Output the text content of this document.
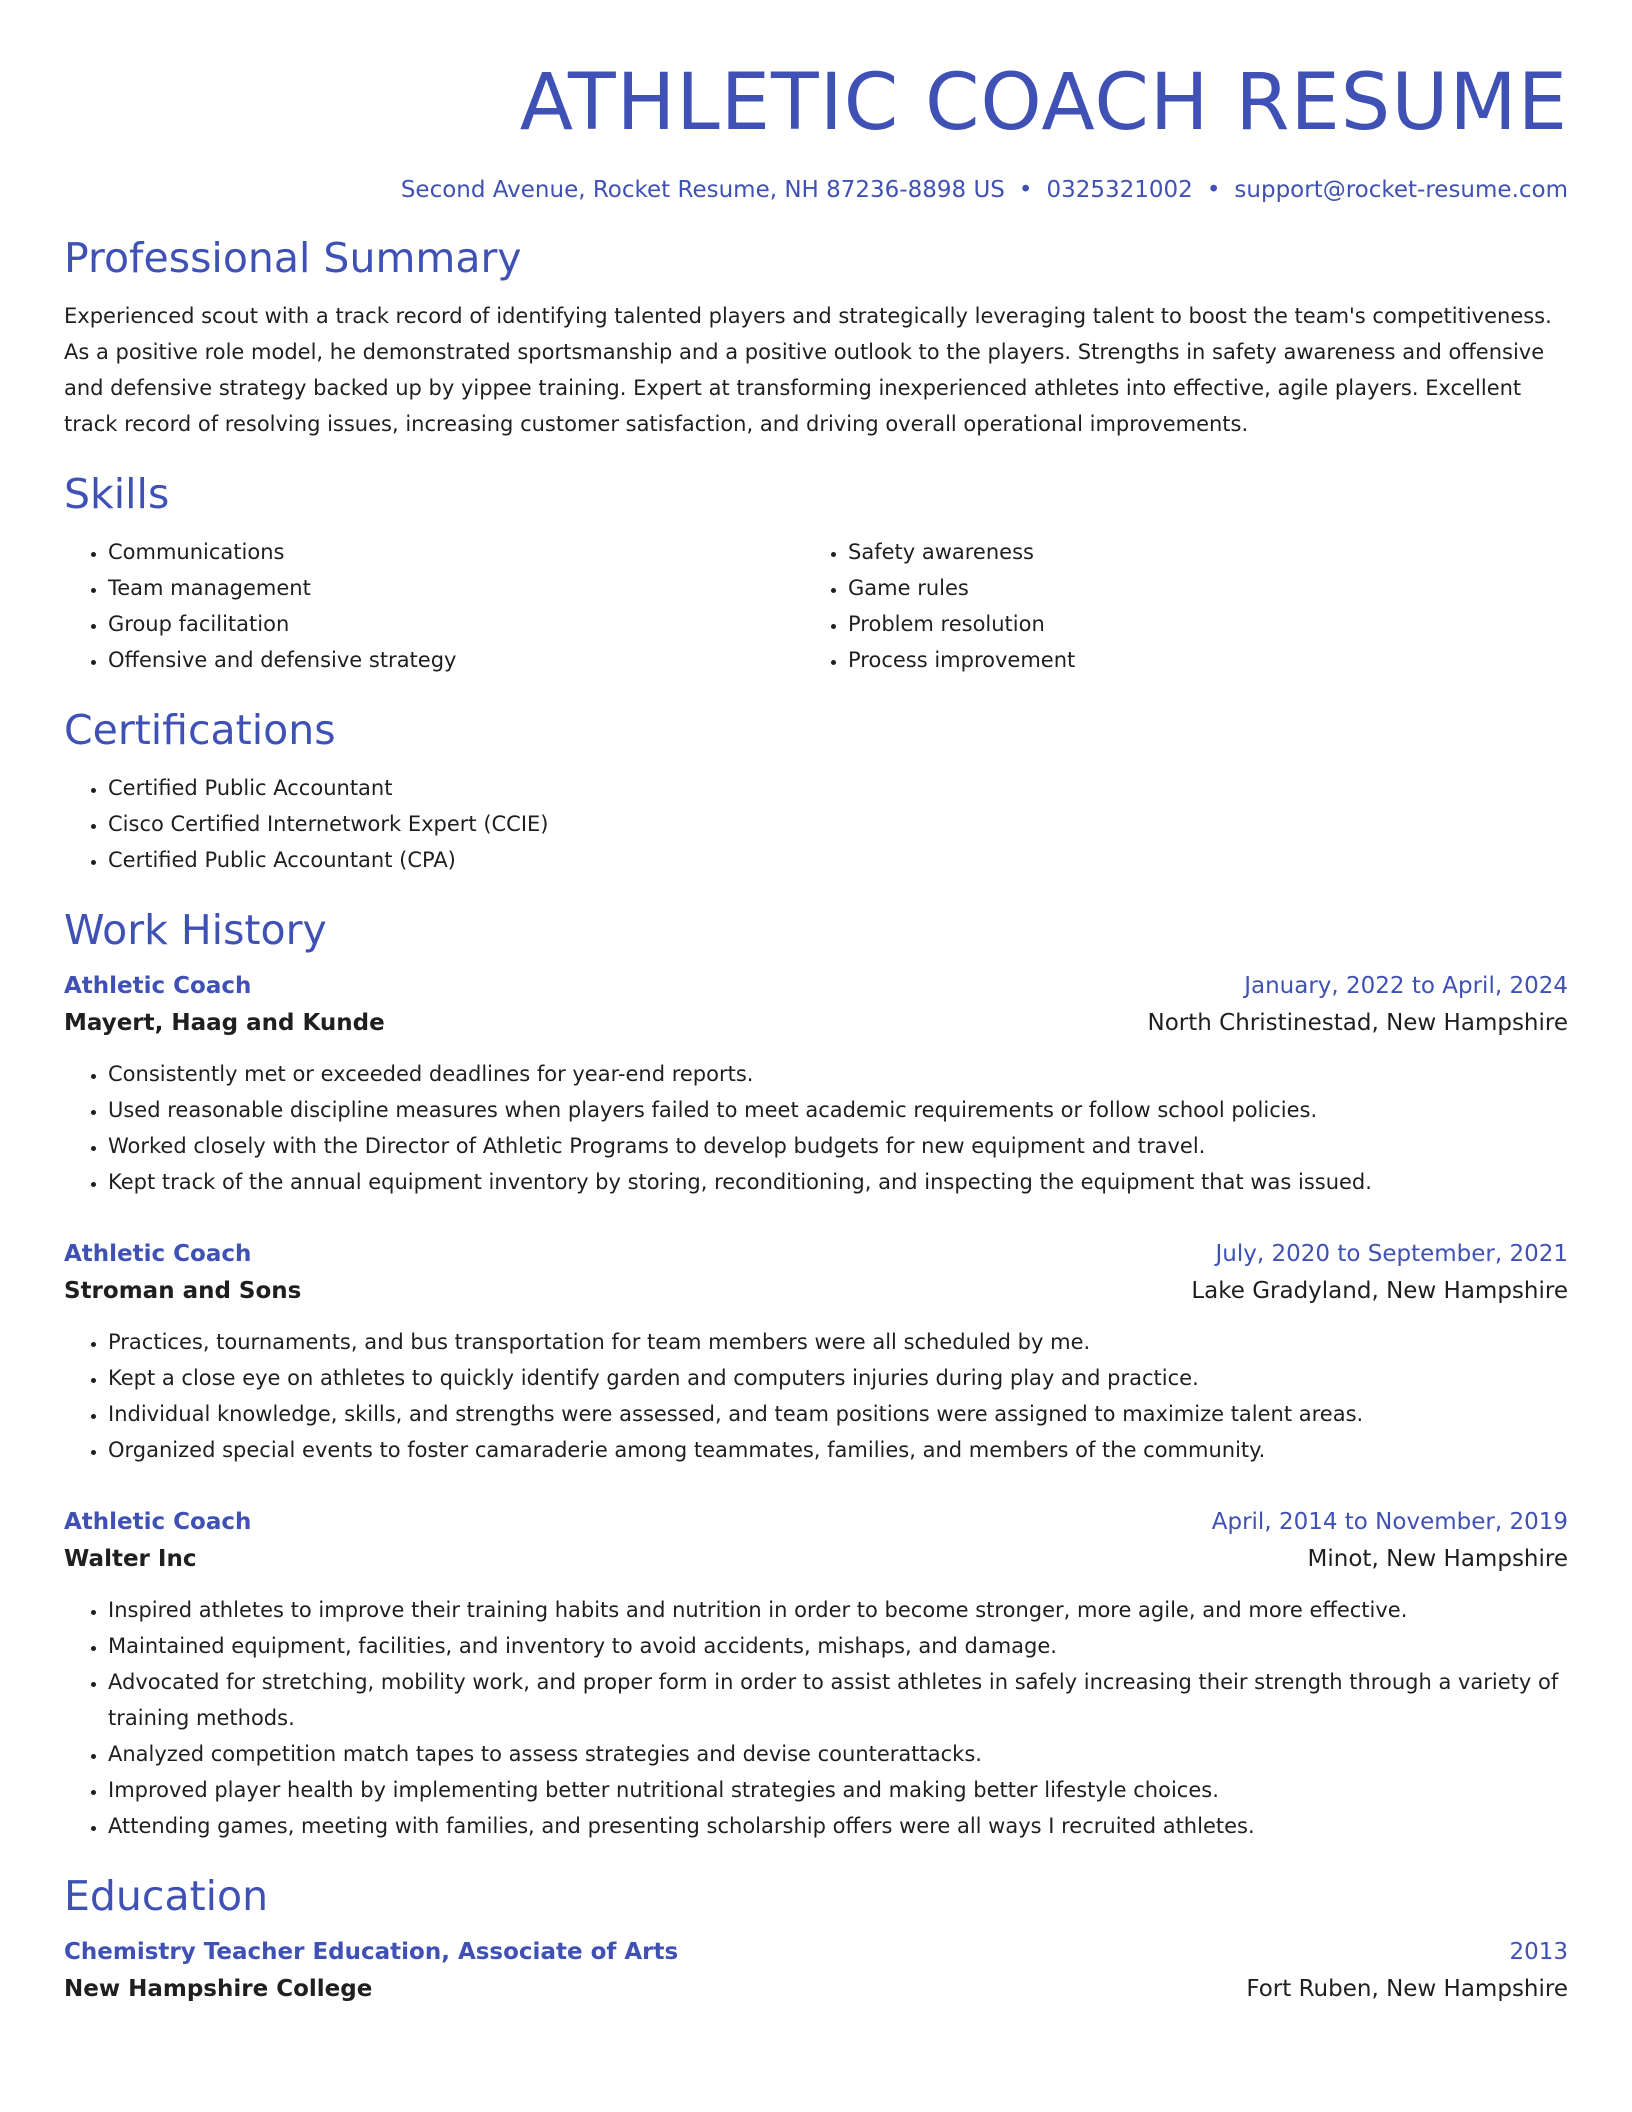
ATHLETIC COACH RESUME
Second Avenue, Rocket Resume, NH 87236-8898 US • 0325321002 • support@rocket-resume.com
Professional Summary

Experienced scout with a track record of identifying talented players and strategically leveraging talent to boost the team's competitiveness. As a positive role model, he demonstrated sportsmanship and a positive outlook to the players. Strengths in safety awareness and offensive and defensive strategy backed up by yippee training. Expert at transforming inexperienced athletes into effective, agile players. Excellent track record of resolving issues, increasing customer satisfaction, and driving overall operational improvements.

Skills
• Communications
• Team management
• Group facilitation
• Offensive and defensive strategy
• Safety awareness
• Game rules
• Problem resolution
• Process improvement
Certifications
• Certified Public Accountant
• Cisco Certified Internetwork Expert (CCIE)
• Certified Public Accountant (CPA)
Work History
Athletic Coach	January, 2022 to April, 2024
Mayert, Haag and Kunde	North Christinestad, New Hampshire
• Consistently met or exceeded deadlines for year-end reports.
• Used reasonable discipline measures when players failed to meet academic requirements or follow school policies.
• Worked closely with the Director of Athletic Programs to develop budgets for new equipment and travel.
• Kept track of the annual equipment inventory by storing, reconditioning, and inspecting the equipment that was issued.
Athletic Coach	July, 2020 to September, 2021
Stroman and Sons	Lake Gradyland, New Hampshire
• Practices, tournaments, and bus transportation for team members were all scheduled by me.
• Kept a close eye on athletes to quickly identify garden and computers injuries during play and practice.
• Individual knowledge, skills, and strengths were assessed, and team positions were assigned to maximize talent areas.
• Organized special events to foster camaraderie among teammates, families, and members of the community.
Athletic Coach	April, 2014 to November, 2019
Walter Inc	Minot, New Hampshire
• Inspired athletes to improve their training habits and nutrition in order to become stronger, more agile, and more effective.
• Maintained equipment, facilities, and inventory to avoid accidents, mishaps, and damage.
• Advocated for stretching, mobility work, and proper form in order to assist athletes in safely increasing their strength through a variety of training methods.
• Analyzed competition match tapes to assess strategies and devise counterattacks.
• Improved player health by implementing better nutritional strategies and making better lifestyle choices.
• Attending games, meeting with families, and presenting scholarship offers were all ways I recruited athletes.
Education
Chemistry Teacher Education, Associate of Arts	2013
New Hampshire College	Fort Ruben, New Hampshire
